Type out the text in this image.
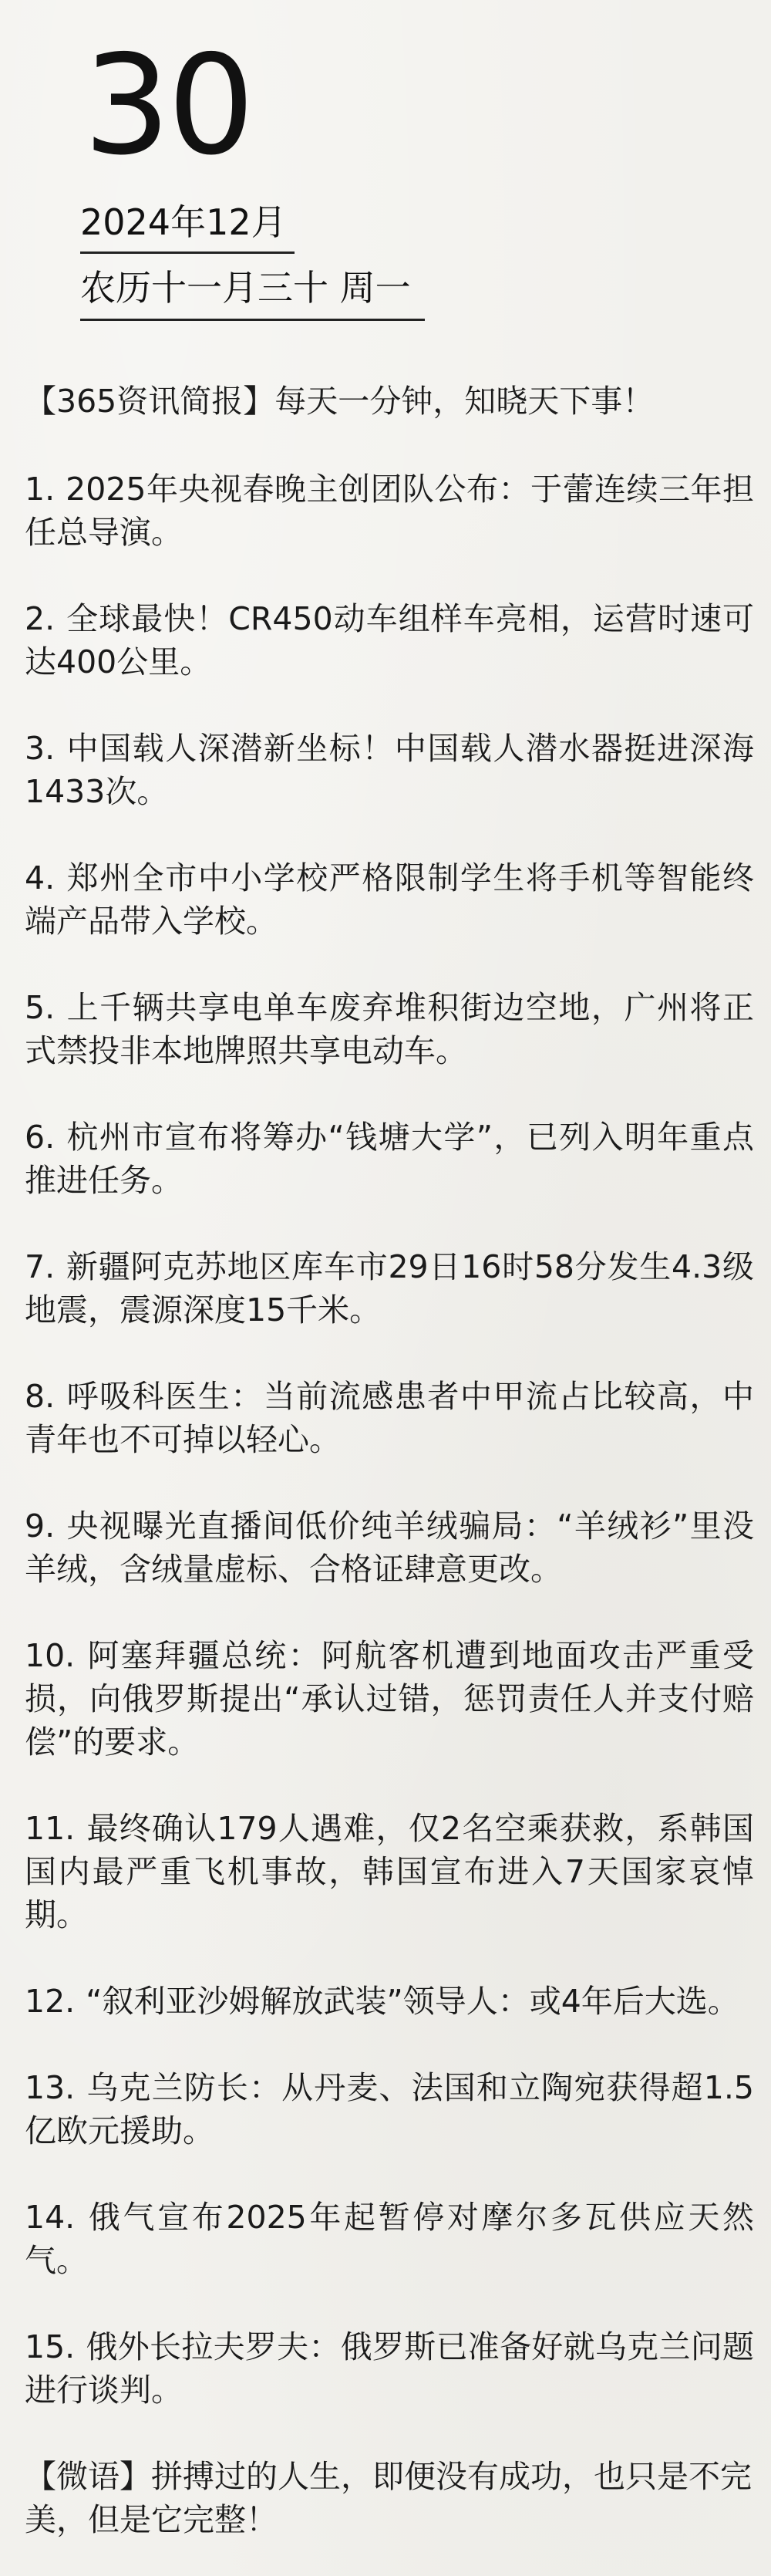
30
2024年12月
农历十一月三十 周一

【365资讯简报】每天一分钟，知晓天下事！

1. 2025年央视春晚主创团队公布：于蕾连续三年担任总导演。

2. 全球最快！CR450动车组样车亮相，运营时速可达400公里。

3. 中国载人深潜新坐标！中国载人潜水器挺进深海1433次。

4. 郑州全市中小学校严格限制学生将手机等智能终端产品带入学校。

5. 上千辆共享电单车废弃堆积街边空地，广州将正式禁投非本地牌照共享电动车。

6. 杭州市宣布将筹办“钱塘大学”，已列入明年重点推进任务。

7. 新疆阿克苏地区库车市29日16时58分发生4.3级地震，震源深度15千米。

8. 呼吸科医生：当前流感患者中甲流占比较高，中青年也不可掉以轻心。

9. 央视曝光直播间低价纯羊绒骗局：“羊绒衫”里没羊绒，含绒量虚标、合格证肆意更改。

10. 阿塞拜疆总统：阿航客机遭到地面攻击严重受损，向俄罗斯提出“承认过错，惩罚责任人并支付赔偿”的要求。

11. 最终确认179人遇难，仅2名空乘获救，系韩国国内最严重飞机事故，韩国宣布进入7天国家哀悼期。

12. “叙利亚沙姆解放武装”领导人：或4年后大选。

13. 乌克兰防长：从丹麦、法国和立陶宛获得超1.5亿欧元援助。

14. 俄气宣布2025年起暂停对摩尔多瓦供应天然气。

15. 俄外长拉夫罗夫：俄罗斯已准备好就乌克兰问题进行谈判。

【微语】拼搏过的人生，即便没有成功，也只是不完美，但是它完整！
